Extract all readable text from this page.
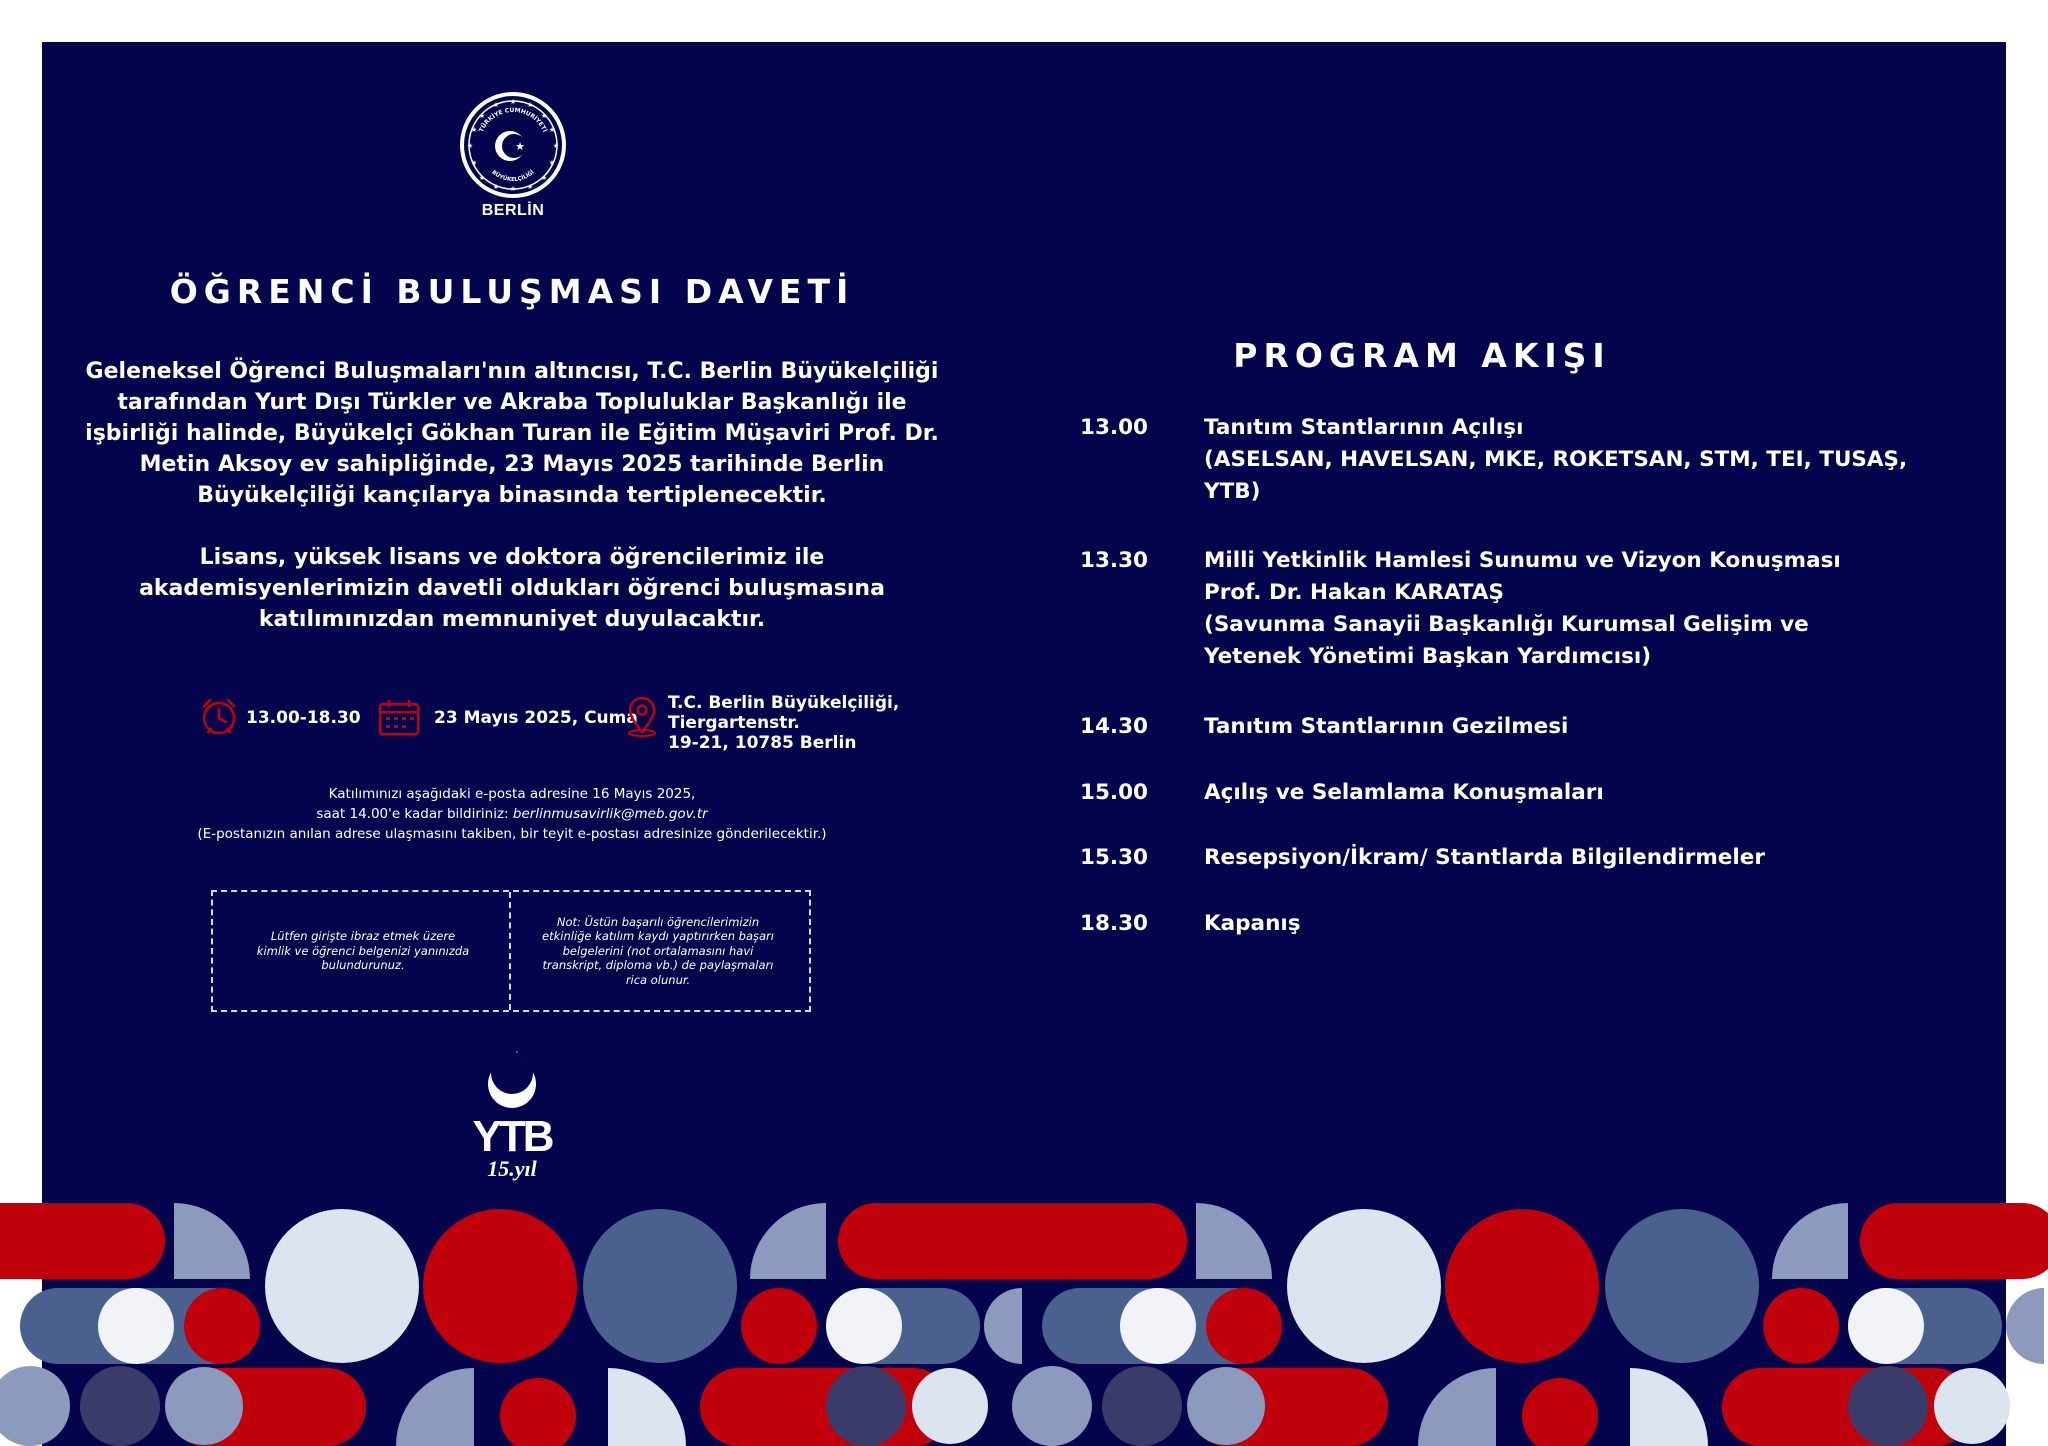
★
★
★	★
★	★
★	★
★	★
★	★
★	★
★	★
TÜRKİYE CUMHURİYETİ
BÜYÜKELÇİLİĞİ
★
BERLİN
ÖĞRENCİ BULUŞMASI DAVETİ
Geleneksel Öğrenci Buluşmaları'nın altıncısı, T.C. Berlin Büyükelçiliği tarafından Yurt Dışı Türkler ve Akraba Topluluklar Başkanlığı ile işbirliği halinde, Büyükelçi Gökhan Turan ile Eğitim Müşaviri Prof. Dr. Metin Aksoy ev sahipliğinde, 23 Mayıs 2025 tarihinde Berlin Büyükelçiliği kançılarya binasında tertiplenecektir.
Lisans, yüksek lisans ve doktora öğrencilerimiz ile akademisyenlerimizin davetli oldukları öğrenci buluşmasına katılımınızdan memnuniyet duyulacaktır.
13.00-18.30	23 Mayıs 2025, Cuma
T.C. Berlin Büyükelçiliği,
Tiergartenstr.
19-21, 10785 Berlin
Katılımınızı aşağıdaki e-posta adresine 16 Mayıs 2025,
saat 14.00'e kadar bildiriniz: berlinmusavirlik@meb.gov.tr
(E-postanızın anılan adrese ulaşmasını takiben, bir teyit e-postası adresinize gönderilecektir.)
Lütfen girişte ibraz etmek üzere kimlik ve öğrenci belgenizi yanınızda bulundurunuz.
Not: Üstün başarılı öğrencilerimizin etkinliğe katılım kaydı yaptırırken başarı belgelerini (not ortalamasını havi transkript, diploma vb.) de paylaşmaları rica olunur.
YTB
15.yıl
PROGRAM AKIŞI
13.00	Tanıtım Stantlarının Açılışı
(ASELSAN, HAVELSAN, MKE, ROKETSAN, STM, TEI, TUSAŞ, YTB)
13.30	Milli Yetkinlik Hamlesi Sunumu ve Vizyon Konuşması
Prof. Dr. Hakan KARATAŞ
(Savunma Sanayii Başkanlığı Kurumsal Gelişim ve
Yetenek Yönetimi Başkan Yardımcısı)
14.30	Tanıtım Stantlarının Gezilmesi
15.00	Açılış ve Selamlama Konuşmaları
15.30	Resepsiyon/İkram/ Stantlarda Bilgilendirmeler
18.30	Kapanış
